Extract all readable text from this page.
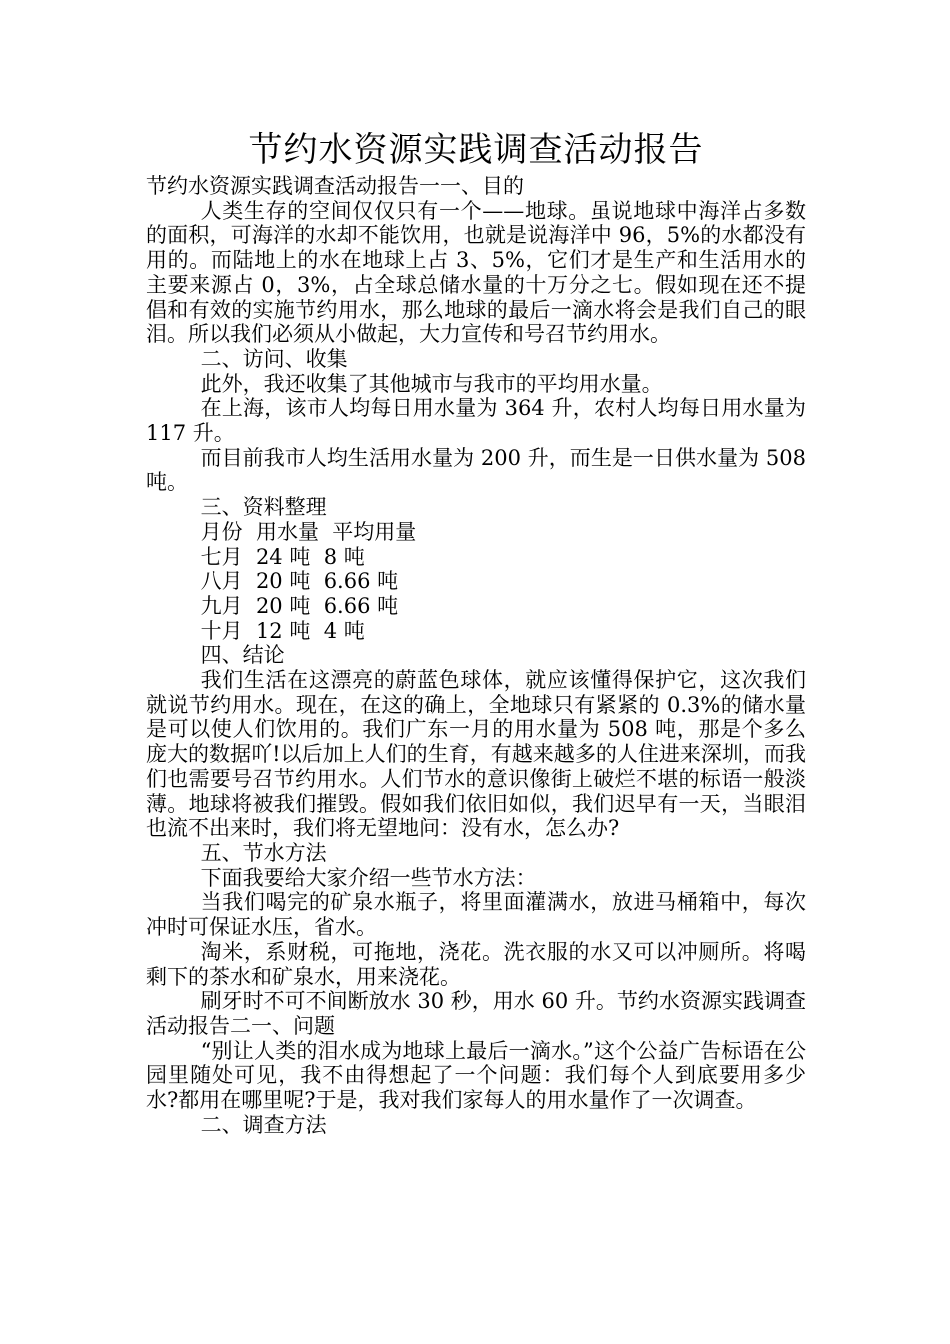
节约水资源实践调查活动报告

节约水资源实践调查活动报告一一、目的

人类生存的空间仅仅只有一个——地球。虽说地球中海洋占多数的面积，可海洋的水却不能饮用，也就是说海洋中 96，5%的水都没有用的。而陆地上的水在地球上占 3、5%，它们才是生产和生活用水的主要来源占 0，3%，占全球总储水量的十万分之七。假如现在还不提倡和有效的实施节约用水，那么地球的最后一滴水将会是我们自己的眼泪。所以我们必须从小做起，大力宣传和号召节约用水。

二、访问、收集

此外，我还收集了其他城市与我市的平均用水量。

在上海，该市人均每日用水量为 364 升，农村人均每日用水量为 117 升。

而目前我市人均生活用水量为 200 升，而生是一日供水量为 508 吨。

三、资料整理

月份  用水量  平均用量

七月  24 吨  8 吨

八月  20 吨  6.66 吨

九月  20 吨  6.66 吨

十月  12 吨  4 吨

四、结论

我们生活在这漂亮的蔚蓝色球体，就应该懂得保护它，这次我们就说节约用水。现在，在这的确上，全地球只有紧紧的 0.3%的储水量是可以使人们饮用的。我们广东一月的用水量为 508 吨，那是个多么庞大的数据吖!以后加上人们的生育，有越来越多的人住进来深圳，而我们也需要号召节约用水。人们节水的意识像街上破烂不堪的标语一般淡薄。地球将被我们摧毁。假如我们依旧如似，我们迟早有一天，当眼泪也流不出来时，我们将无望地问：没有水，怎么办?

五、节水方法

下面我要给大家介绍一些节水方法：

当我们喝完的矿泉水瓶子，将里面灌满水，放进马桶箱中，每次冲时可保证水压，省水。

淘米，系财税，可拖地，浇花。洗衣服的水又可以冲厕所。将喝剩下的茶水和矿泉水，用来浇花。

刷牙时不可不间断放水 30 秒，用水 60 升。节约水资源实践调查活动报告二一、问题

“别让人类的泪水成为地球上最后一滴水。”这个公益广告标语在公园里随处可见，我不由得想起了一个问题：我们每个人到底要用多少水?都用在哪里呢?于是，我对我们家每人的用水量作了一次调查。

二、调查方法
